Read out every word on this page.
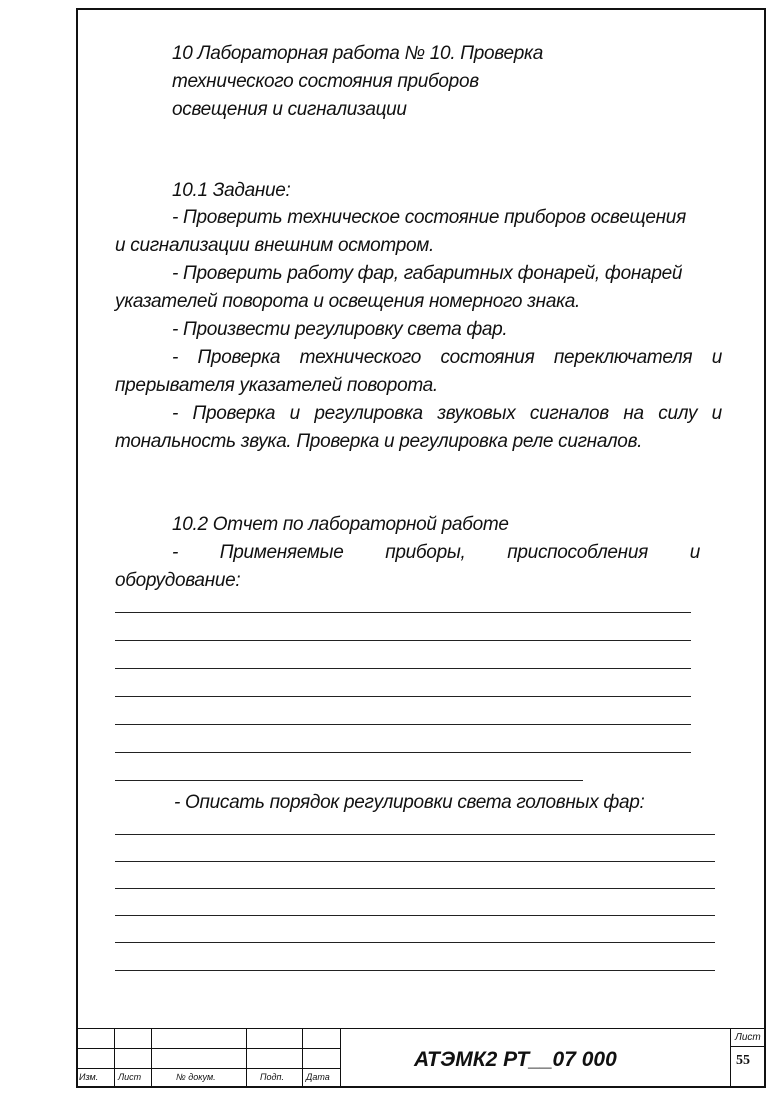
10 Лабораторная работа № 10. Проверка
технического состояния приборов
освещения и сигнализации
10.1 Задание:
- Проверить техническое состояние приборов освещения
и сигнализации внешним осмотром.
- Проверить работу фар, габаритных фонарей, фонарей
указателей поворота и освещения номерного знака.
- Произвести регулировку света фар.
- Проверка технического состояния переключателя и
прерывателя указателей поворота.
- Проверка и регулировка звуковых сигналов на силу и
тональность звука. Проверка и регулировка реле сигналов.
10.2 Отчет по лабораторной работе
- Применяемые приборы, приспособления и
оборудование:
- Описать порядок регулировки света головных фар:
Изм. Лист	№ докум.	Подп. Дата
АТЭМК2 РТ__07 000
Лист
55
